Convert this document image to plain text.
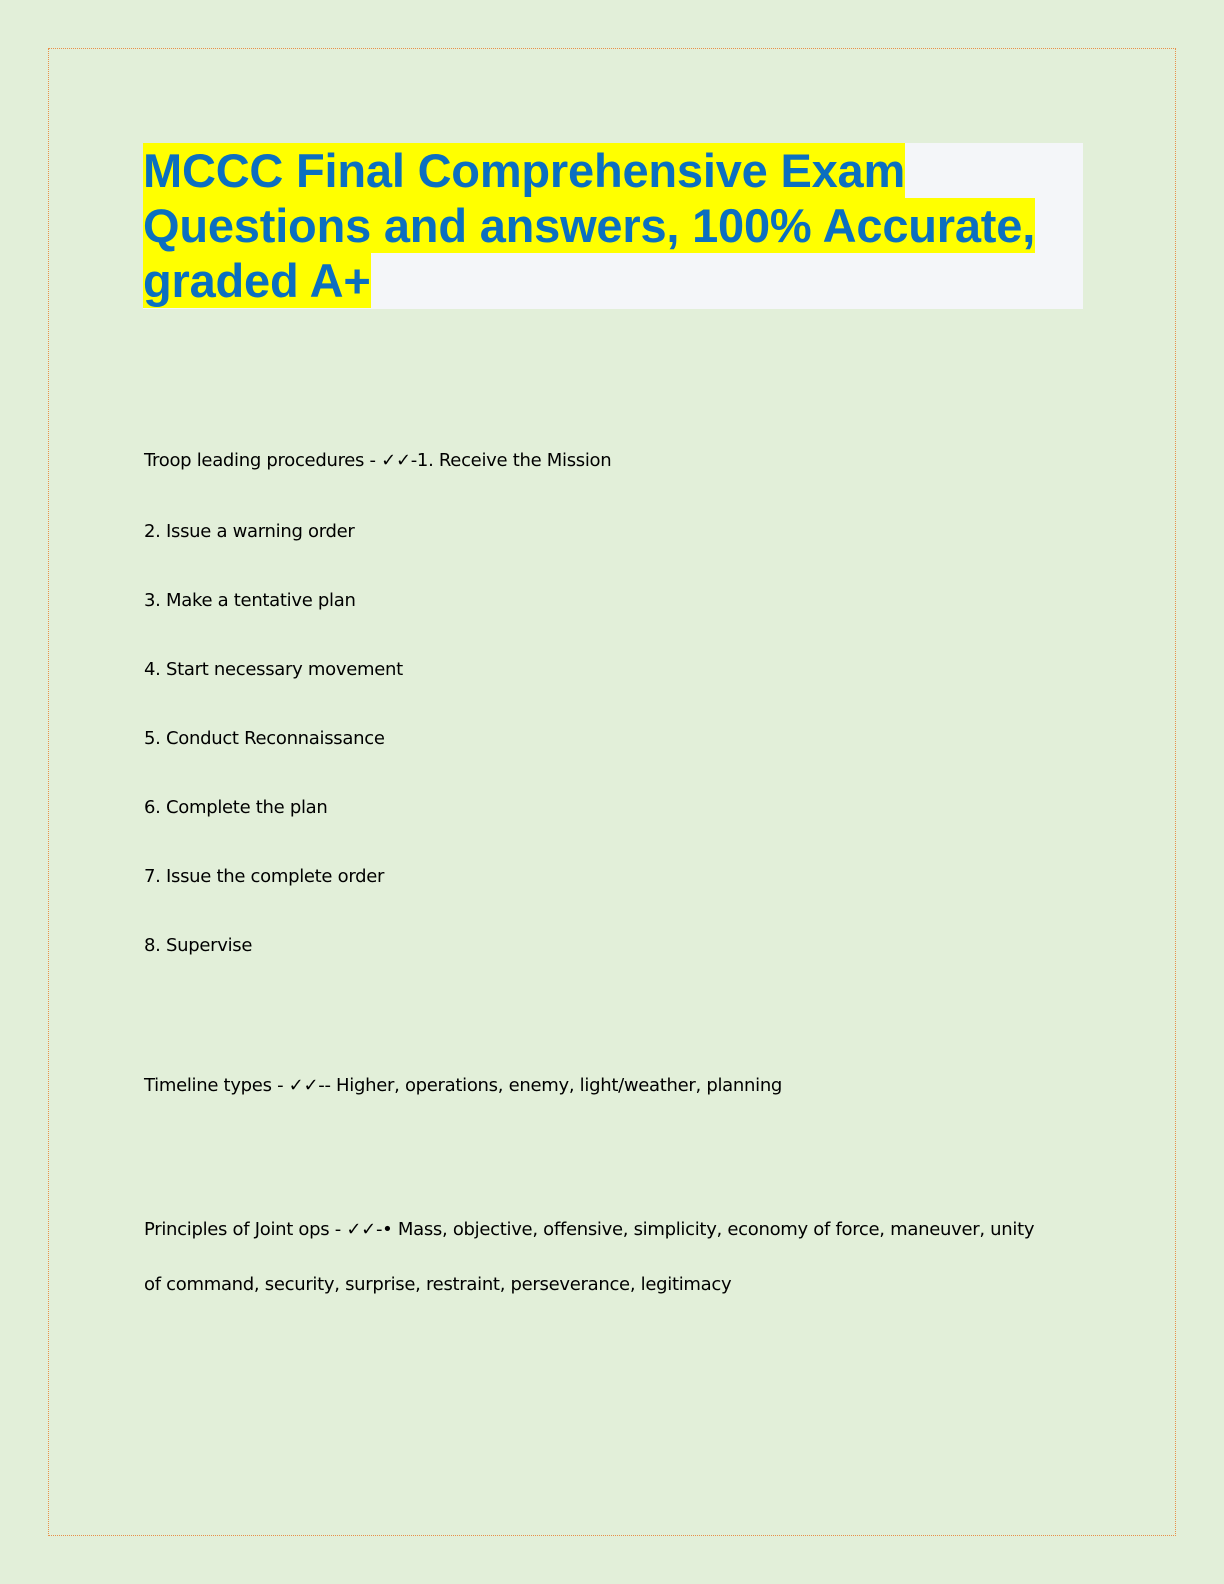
MCCC Final Comprehensive Exam
Questions and answers, 100% Accurate,
graded A+
Troop leading procedures - ✓✓-1. Receive the Mission
2. Issue a warning order
3. Make a tentative plan
4. Start necessary movement
5. Conduct Reconnaissance
6. Complete the plan
7. Issue the complete order
8. Supervise
Timeline types - ✓✓-- Higher, operations, enemy, light/weather, planning
Principles of Joint ops - ✓✓-• Mass, objective, offensive, simplicity, economy of force, maneuver, unity
of command, security, surprise, restraint, perseverance, legitimacy
